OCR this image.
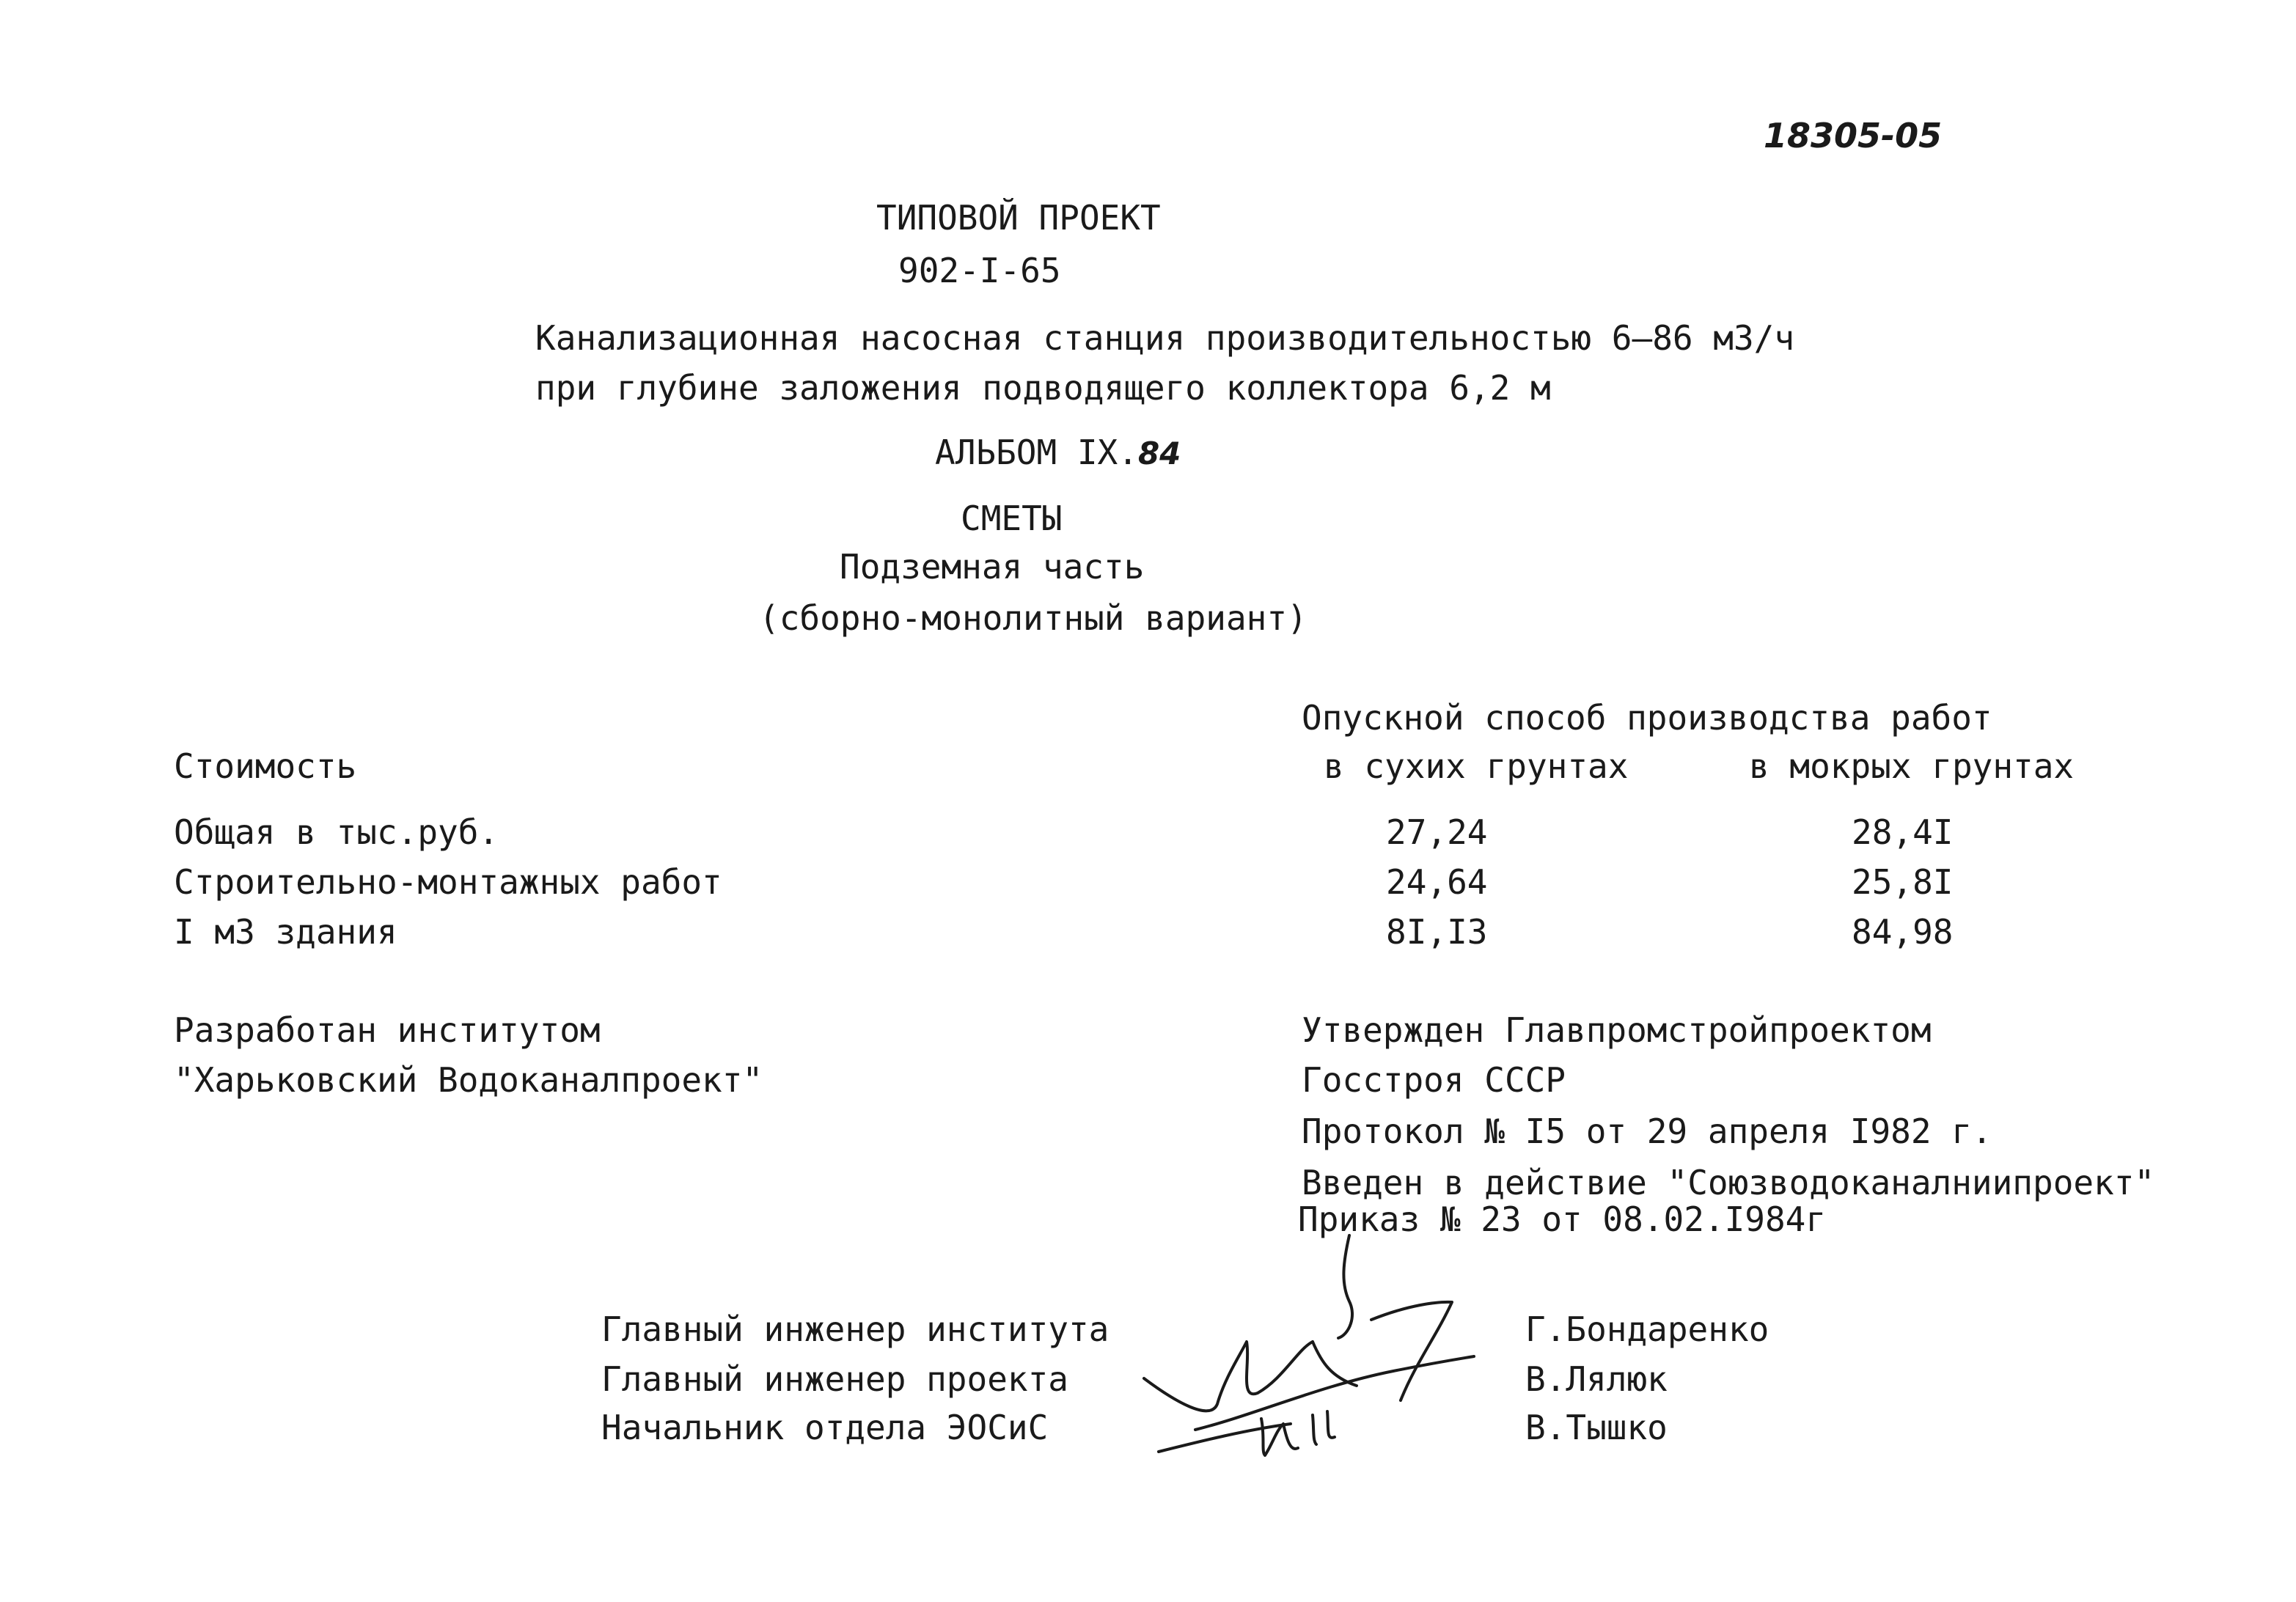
18305-05
ТИПОВОЙ ПРОЕКТ
902-I-65
Канализационная насосная станция производительностью 6–86 м3/ч
при глубине заложения подводящего коллектора 6,2 м
АЛЬБОМ IX.84
СМЕТЫ
Подземная часть
(сборно-монолитный вариант)
Опускной способ производства работ
Стоимость	в сухих грунтах	в мокрых грунтах
Общая в тыс.руб.	27,24	28,4I
Строительно-монтажных работ	24,64	25,8I
I м3 здания	8I,I3	84,98
Разработан институтом
"Харьковский Водоканалпроект"
Утвержден Главпромстройпроектом
Госстроя СССР
Протокол № I5 от 29 апреля I982 г.
Введен в действие "Союзводоканалниипроект"
Приказ № 23 от 08.02.I984г
Главный инженер института	Г.Бондаренко
Главный инженер проекта	В.Лялюк
Начальник отдела ЭОСиС	В.Тышко
